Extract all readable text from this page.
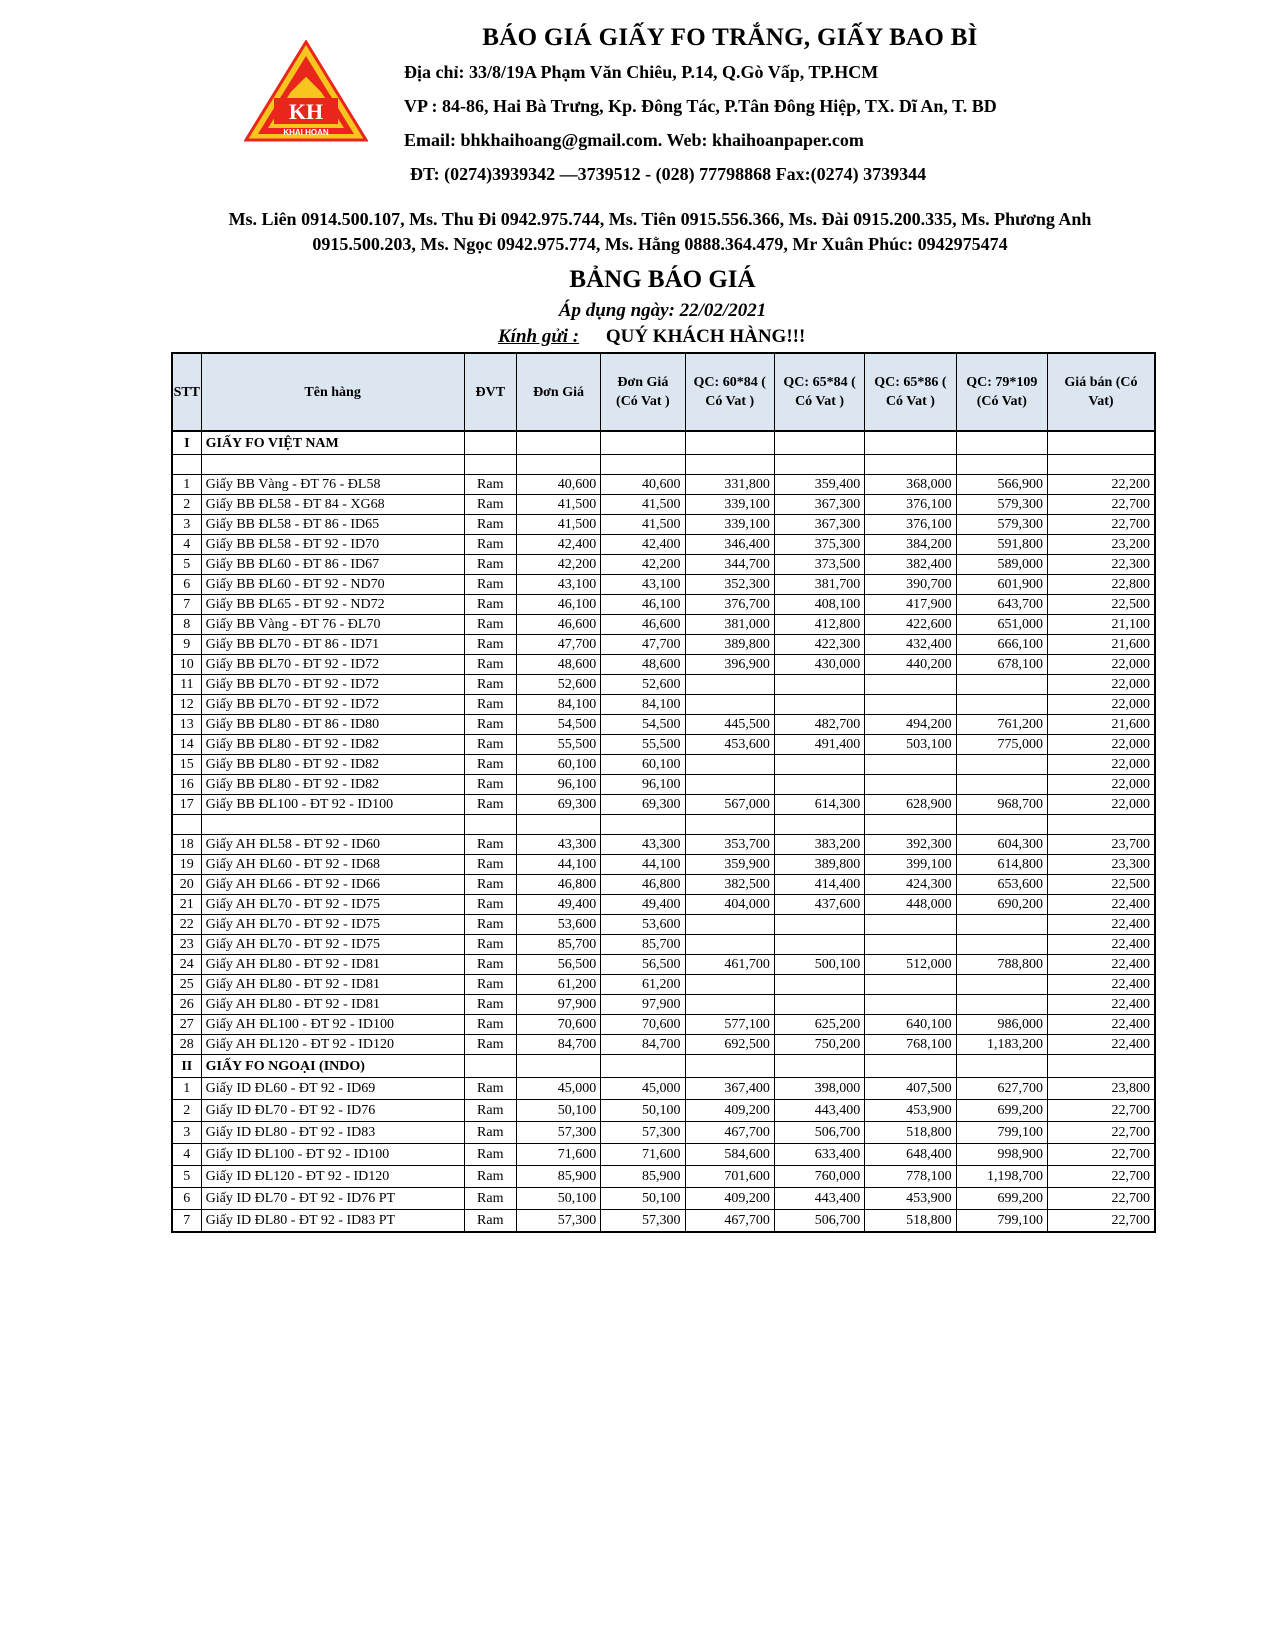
KH
KHAI HOAN
BÁO GIÁ GIẤY FO TRẮNG, GIẤY BAO BÌ
Địa chỉ: 33/8/19A Phạm Văn Chiêu, P.14, Q.Gò Vấp, TP.HCM
VP : 84-86, Hai Bà Trưng, Kp. Đông Tác, P.Tân Đông Hiệp, TX. Dĩ An, T. BD
Email: bhkhaihoang@gmail.com. Web: khaihoanpaper.com
ĐT: (0274)3939342 —3739512 - (028) 77798868 Fax:(0274) 3739344
Ms. Liên 0914.500.107, Ms. Thu Đi 0942.975.744, Ms. Tiên 0915.556.366, Ms. Đài 0915.200.335, Ms. Phương Anh
0915.500.203, Ms. Ngọc 0942.975.774, Ms. Hằng 0888.364.479, Mr Xuân Phúc: 0942975474
BẢNG BÁO GIÁ
Áp dụng ngày: 22/02/2021
Kính gửi : QUÝ KHÁCH HÀNG!!!
STT	Tên hàng	ĐVT	Đơn Giá	Đơn Giá (Có Vat )	QC: 60*84 ( Có Vat )	QC: 65*84 ( Có Vat )	QC: 65*86 ( Có Vat )	QC: 79*109 (Có Vat)	Giá bán (Có Vat)
I	GIẤY FO VIỆT NAM								

1	Giấy BB Vàng - ĐT 76 - ĐL58	Ram	40,600	40,600	331,800	359,400	368,000	566,900	22,200
2	Giấy BB ĐL58 - ĐT 84 - XG68	Ram	41,500	41,500	339,100	367,300	376,100	579,300	22,700
3	Giấy BB ĐL58 - ĐT 86 - ID65	Ram	41,500	41,500	339,100	367,300	376,100	579,300	22,700
4	Giấy BB ĐL58 - ĐT 92 - ID70	Ram	42,400	42,400	346,400	375,300	384,200	591,800	23,200
5	Giấy BB ĐL60 - ĐT 86 - ID67	Ram	42,200	42,200	344,700	373,500	382,400	589,000	22,300
6	Giấy BB ĐL60 - ĐT 92 - ND70	Ram	43,100	43,100	352,300	381,700	390,700	601,900	22,800
7	Giấy BB ĐL65 - ĐT 92 - ND72	Ram	46,100	46,100	376,700	408,100	417,900	643,700	22,500
8	Giấy BB Vàng - ĐT 76 - ĐL70	Ram	46,600	46,600	381,000	412,800	422,600	651,000	21,100
9	Giấy BB ĐL70 - ĐT 86 - ID71	Ram	47,700	47,700	389,800	422,300	432,400	666,100	21,600
10	Giấy BB ĐL70 - ĐT 92 - ID72	Ram	48,600	48,600	396,900	430,000	440,200	678,100	22,000
11	Giấy BB ĐL70 - ĐT 92 - ID72	Ram	52,600	52,600					22,000
12	Giấy BB ĐL70 - ĐT 92 - ID72	Ram	84,100	84,100					22,000
13	Giấy BB ĐL80 - ĐT 86 - ID80	Ram	54,500	54,500	445,500	482,700	494,200	761,200	21,600
14	Giấy BB ĐL80 - ĐT 92 - ID82	Ram	55,500	55,500	453,600	491,400	503,100	775,000	22,000
15	Giấy BB ĐL80 - ĐT 92 - ID82	Ram	60,100	60,100					22,000
16	Giấy BB ĐL80 - ĐT 92 - ID82	Ram	96,100	96,100					22,000
17	Giấy BB ĐL100 - ĐT 92 - ID100	Ram	69,300	69,300	567,000	614,300	628,900	968,700	22,000

18	Giấy AH ĐL58 - ĐT 92 - ID60	Ram	43,300	43,300	353,700	383,200	392,300	604,300	23,700
19	Giấy AH ĐL60 - ĐT 92 - ID68	Ram	44,100	44,100	359,900	389,800	399,100	614,800	23,300
20	Giấy AH ĐL66 - ĐT 92 - ID66	Ram	46,800	46,800	382,500	414,400	424,300	653,600	22,500
21	Giấy AH ĐL70 - ĐT 92 - ID75	Ram	49,400	49,400	404,000	437,600	448,000	690,200	22,400
22	Giấy AH ĐL70 - ĐT 92 - ID75	Ram	53,600	53,600					22,400
23	Giấy AH ĐL70 - ĐT 92 - ID75	Ram	85,700	85,700					22,400
24	Giấy AH ĐL80 - ĐT 92 - ID81	Ram	56,500	56,500	461,700	500,100	512,000	788,800	22,400
25	Giấy AH ĐL80 - ĐT 92 - ID81	Ram	61,200	61,200					22,400
26	Giấy AH ĐL80 - ĐT 92 - ID81	Ram	97,900	97,900					22,400
27	Giấy AH ĐL100 - ĐT 92 - ID100	Ram	70,600	70,600	577,100	625,200	640,100	986,000	22,400
28	Giấy AH ĐL120 - ĐT 92 - ID120	Ram	84,700	84,700	692,500	750,200	768,100	1,183,200	22,400
II	GIẤY FO NGOẠI (INDO)								
1	Giấy ID ĐL60 - ĐT 92 - ID69	Ram	45,000	45,000	367,400	398,000	407,500	627,700	23,800
2	Giấy ID ĐL70 - ĐT 92 - ID76	Ram	50,100	50,100	409,200	443,400	453,900	699,200	22,700
3	Giấy ID ĐL80 - ĐT 92 - ID83	Ram	57,300	57,300	467,700	506,700	518,800	799,100	22,700
4	Giấy ID ĐL100 - ĐT 92 - ID100	Ram	71,600	71,600	584,600	633,400	648,400	998,900	22,700
5	Giấy ID ĐL120 - ĐT 92 - ID120	Ram	85,900	85,900	701,600	760,000	778,100	1,198,700	22,700
6	Giấy ID ĐL70 - ĐT 92 - ID76 PT	Ram	50,100	50,100	409,200	443,400	453,900	699,200	22,700
7	Giấy ID ĐL80 - ĐT 92 - ID83 PT	Ram	57,300	57,300	467,700	506,700	518,800	799,100	22,700
